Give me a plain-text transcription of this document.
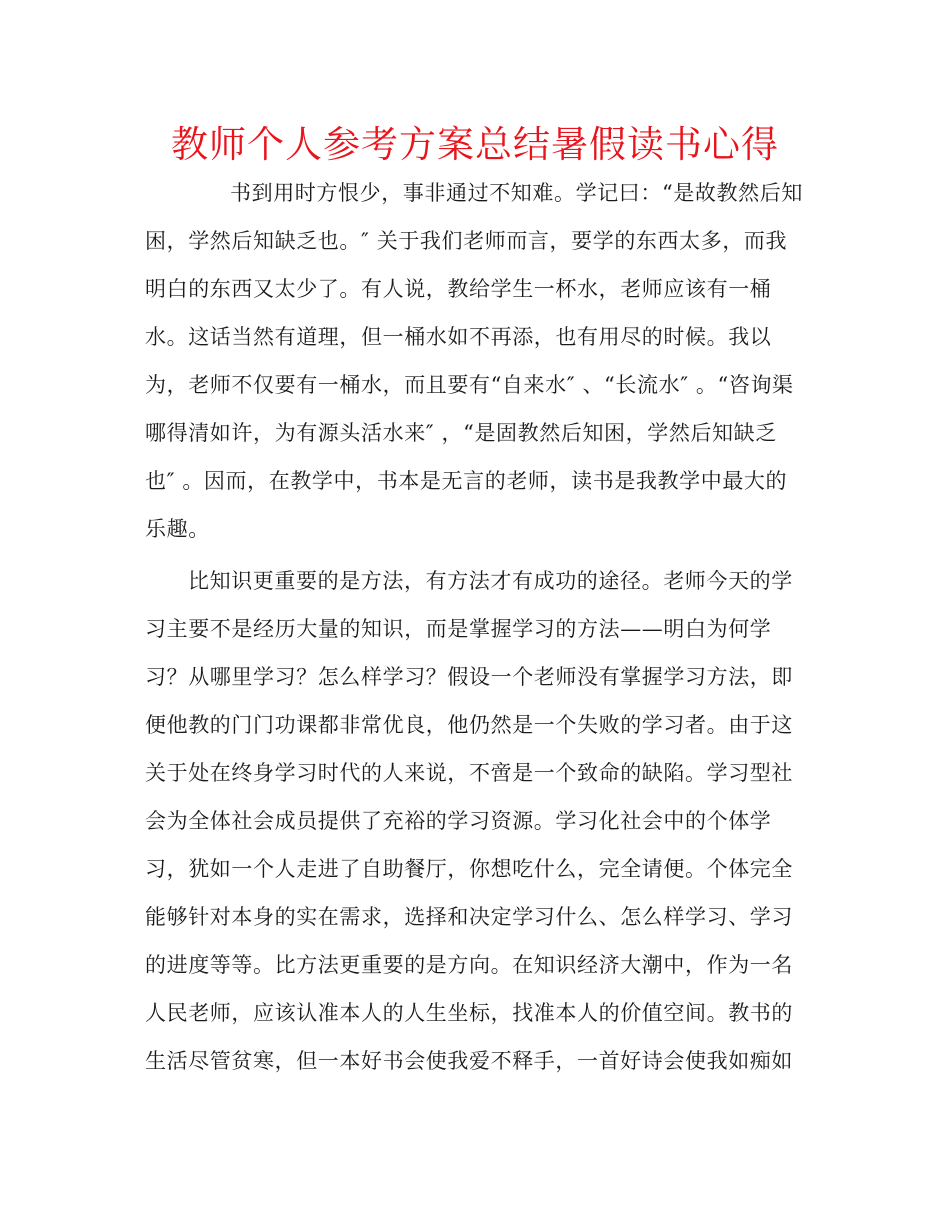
教师个人参考方案总结暑假读书心得

书到用时方恨少，事非通过不知难。学记曰：“是故教然后知

困，学然后知缺乏也。″ 关于我们老师而言，要学的东西太多，而我

明白的东西又太少了。有人说，教给学生一杯水，老师应该有一桶

水。这话当然有道理，但一桶水如不再添，也有用尽的时候。我以

为，老师不仅要有一桶水，而且要有“自来水″ 、“长流水″ 。“咨询渠

哪得清如许，为有源头活水来″ ，“是固教然后知困，学然后知缺乏

也″ 。因而，在教学中，书本是无言的老师，读书是我教学中最大的

乐趣。

比知识更重要的是方法，有方法才有成功的途径。老师今天的学

习主要不是经历大量的知识，而是掌握学习的方法——明白为何学

习？从哪里学习？怎么样学习？假设一个老师没有掌握学习方法，即

便他教的门门功课都非常优良，他仍然是一个失败的学习者。由于这

关于处在终身学习时代的人来说，不啻是一个致命的缺陷。学习型社

会为全体社会成员提供了充裕的学习资源。学习化社会中的个体学

习，犹如一个人走进了自助餐厅，你想吃什么，完全请便。个体完全

能够针对本身的实在需求，选择和决定学习什么、怎么样学习、学习

的进度等等。比方法更重要的是方向。在知识经济大潮中，作为一名

人民老师，应该认准本人的人生坐标，找准本人的价值空间。教书的

生活尽管贫寒，但一本好书会使我爱不释手，一首好诗会使我如痴如
